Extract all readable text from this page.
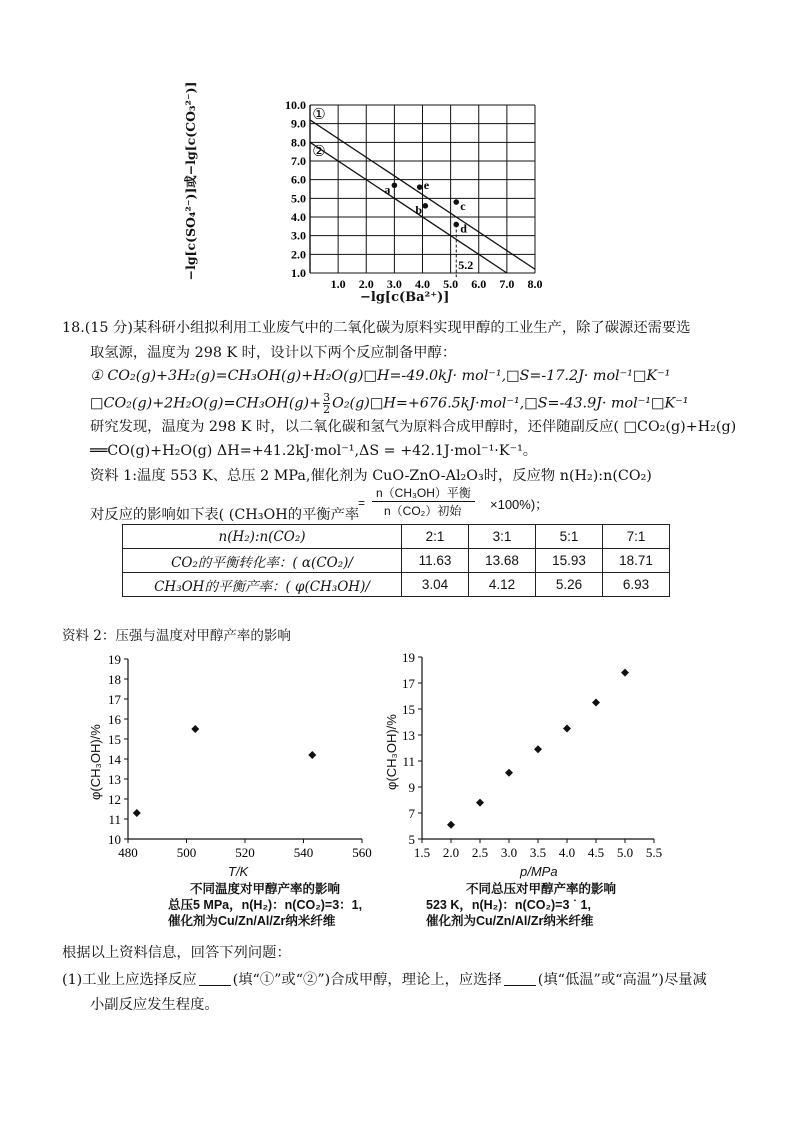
a	e
b	c
d
5.2
1.0 2.0 3.0 4.0 5.0 6.0 7.0 8.0
1.0
2.0
3.0
4.0
5.0
6.0
7.0
8.0
9.0
10.0
①
②
−lg[c(SO₄²⁻)]或−lg[c(CO₃²⁻)]
−lg[c(Ba²⁺)]
18.(15 分)某科研小组拟利用工业废气中的二氧化碳为原料实现甲醇的工业生产，除了碳源还需要选
取氢源，温度为 298 K 时，设计以下两个反应制备甲醇：
① CO₂(g)+3H₂(g)=CH₃OH(g)+H₂O(g)□H=-49.0kJ· mol⁻¹,□S=-17.2J· mol⁻¹□K⁻¹
□CO₂(g)+2H₂O(g)=CH₃OH(g)+ $\frac{3}{2}$ O₂(g)□H=+676.5kJ·mol⁻¹,□S=-43.9J· mol⁻¹□K⁻¹
研究发现，温度为 298 K 时，以二氧化碳和氢气为原料合成甲醇时，还伴随副反应( □CO₂(g)+H₂(g)
══CO(g)+H₂O(g) ΔH=+41.2kJ·mol⁻¹,ΔS = +42.1J·mol⁻¹·K⁻¹。
资料 1:温度 553 K、总压 2 MPa,催化剂为 CuO-ZnO-Al₂O₃时，反应物 n(H₂):n(CO₂)
对反应的影响如下表( (CH₃OH的平衡产率
=
n（CH₃OH）平衡
n（CO₂）初始 ×100%)；
n(H₂):n(CO₂)	2:1	3:1	5:1	7:1
CO₂的平衡转化率：( α(CO₂)/	11.63	13.68	15.93	18.71
CH₃OH的平衡产率：( φ(CH₃OH)/	3.04	4.12	5.26	6.93
资料 2：压强与温度对甲醇产率的影响
480	500	520	540	560
10
11
12
13
14
15
16
17
18
19
φ(CH₃OH)/%
T/K
不同温度对甲醇产率的影响
总压5 MPa，n(H₂)：n(CO₂)=3：1,
催化剂为Cu/Zn/Al/Zr纳米纤维
1.5 2.0 2.5 3.0 3.5 4.0 4.5 5.0 5.5
5
7
9
11
13
15
17
19
φ(CH₃OH)/%
p/MPa
不同总压对甲醇产率的影响
523 K，n(H₂)：n(CO₂)=3 ˙ 1,
催化剂为Cu/Zn/Al/Zr纳米纤维
根据以上资料信息，回答下列问题：
(1)工业上应选择反应	(填“①”或“②”)合成甲醇，理论上，应选择	(填“低温”或“高温”)尽量减
小副反应发生程度。
